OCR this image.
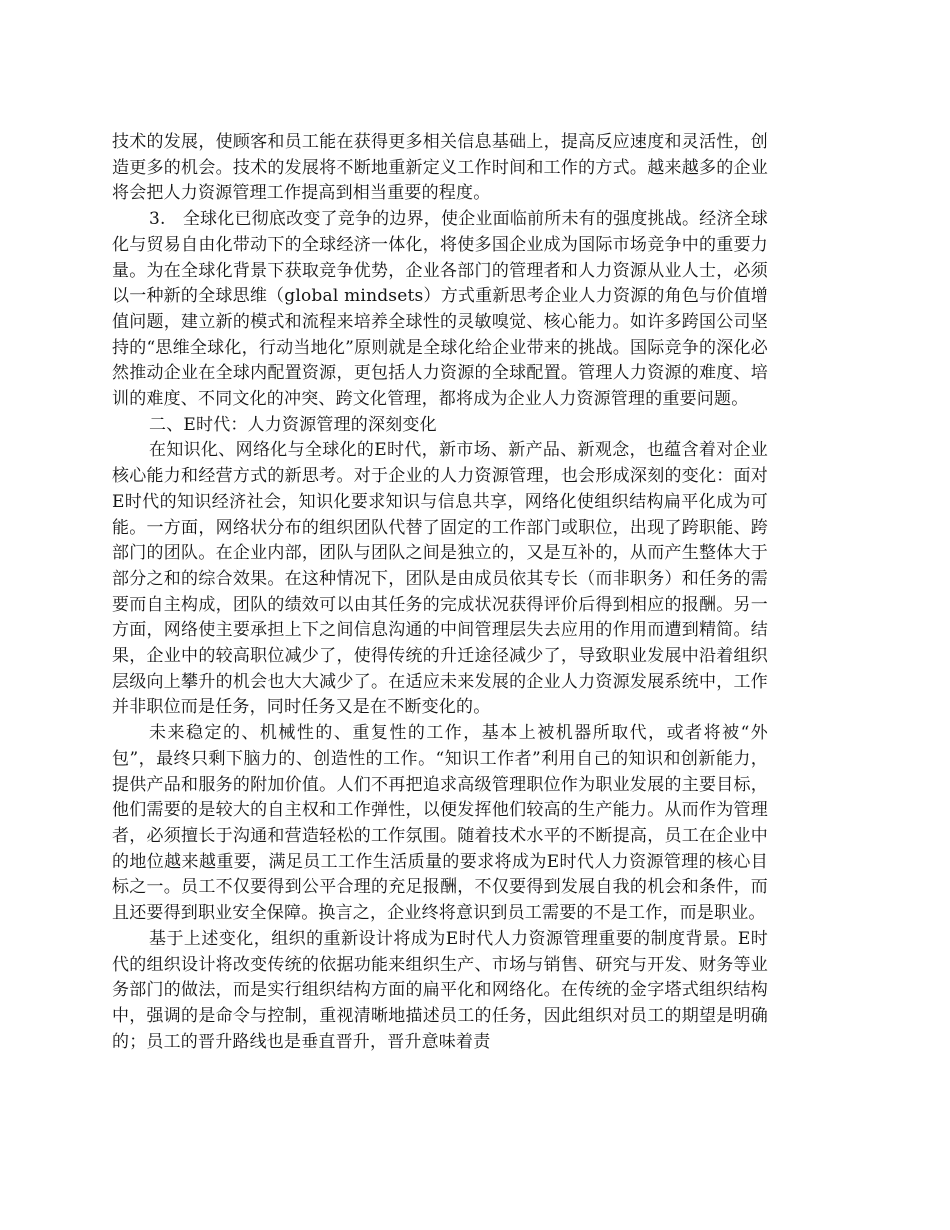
技术的发展，使顾客和员工能在获得更多相关信息基础上，提高反应速度和灵活性，创造更多的机会。技术的发展将不断地重新定义工作时间和工作的方式。越来越多的企业将会把人力资源管理工作提高到相当重要的程度。

3.　全球化已彻底改变了竞争的边界，使企业面临前所未有的强度挑战。经济全球化与贸易自由化带动下的全球经济一体化，将使多国企业成为国际市场竞争中的重要力量。为在全球化背景下获取竞争优势，企业各部门的管理者和人力资源从业人士，必须以一种新的全球思维（global mindsets）方式重新思考企业人力资源的角色与价值增值问题，建立新的模式和流程来培养全球性的灵敏嗅觉、核心能力。如许多跨国公司坚持的“思维全球化，行动当地化”原则就是全球化给企业带来的挑战。国际竞争的深化必然推动企业在全球内配置资源，更包括人力资源的全球配置。管理人力资源的难度、培训的难度、不同文化的冲突、跨文化管理，都将成为企业人力资源管理的重要问题。

二、E时代：人力资源管理的深刻变化

在知识化、网络化与全球化的E时代，新市场、新产品、新观念，也蕴含着对企业核心能力和经营方式的新思考。对于企业的人力资源管理，也会形成深刻的变化：面对E时代的知识经济社会，知识化要求知识与信息共享，网络化使组织结构扁平化成为可能。一方面，网络状分布的组织团队代替了固定的工作部门或职位，出现了跨职能、跨部门的团队。在企业内部，团队与团队之间是独立的，又是互补的，从而产生整体大于部分之和的综合效果。在这种情况下，团队是由成员依其专长（而非职务）和任务的需要而自主构成，团队的绩效可以由其任务的完成状况获得评价后得到相应的报酬。另一方面，网络使主要承担上下之间信息沟通的中间管理层失去应用的作用而遭到精简。结果，企业中的较高职位减少了，使得传统的升迁途径减少了，导致职业发展中沿着组织层级向上攀升的机会也大大减少了。在适应未来发展的企业人力资源发展系统中，工作并非职位而是任务，同时任务又是在不断变化的。

未来稳定的、机械性的、重复性的工作，基本上被机器所取代，或者将被“外包”，最终只剩下脑力的、创造性的工作。“知识工作者”利用自己的知识和创新能力，提供产品和服务的附加价值。人们不再把追求高级管理职位作为职业发展的主要目标，他们需要的是较大的自主权和工作弹性，以便发挥他们较高的生产能力。从而作为管理者，必须擅长于沟通和营造轻松的工作氛围。随着技术水平的不断提高，员工在企业中的地位越来越重要，满足员工工作生活质量的要求将成为E时代人力资源管理的核心目标之一。员工不仅要得到公平合理的充足报酬，不仅要得到发展自我的机会和条件，而且还要得到职业安全保障。换言之，企业终将意识到员工需要的不是工作，而是职业。

基于上述变化，组织的重新设计将成为E时代人力资源管理重要的制度背景。E时代的组织设计将改变传统的依据功能来组织生产、市场与销售、研究与开发、财务等业务部门的做法，而是实行组织结构方面的扁平化和网络化。在传统的金字塔式组织结构中，强调的是命令与控制，重视清晰地描述员工的任务，因此组织对员工的期望是明确的；员工的晋升路线也是垂直晋升，晋升意味着责
